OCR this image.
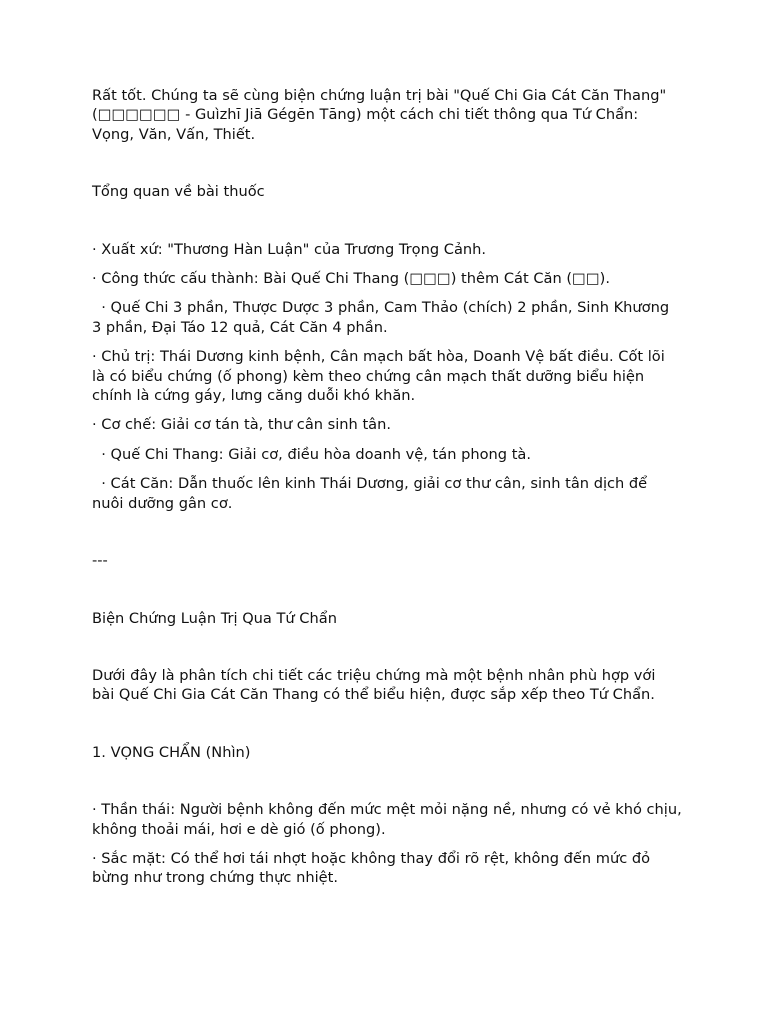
Rất tốt. Chúng ta sẽ cùng biện chứng luận trị bài "Quế Chi Gia Cát Căn Thang" (□□□□□□ - Guìzhī Jiā Gégēn Tāng) một cách chi tiết thông qua Tứ Chẩn: Vọng, Văn, Vấn, Thiết.

Tổng quan về bài thuốc

· Xuất xứ: "Thương Hàn Luận" của Trương Trọng Cảnh.

· Công thức cấu thành: Bài Quế Chi Thang (□□□) thêm Cát Căn (□□).

· Quế Chi 3 phần, Thược Dược 3 phần, Cam Thảo (chích) 2 phần, Sinh Khương 3 phần, Đại Táo 12 quả, Cát Căn 4 phần.

· Chủ trị: Thái Dương kinh bệnh, Cân mạch bất hòa, Doanh Vệ bất điều. Cốt lõi là có biểu chứng (ố phong) kèm theo chứng cân mạch thất dưỡng biểu hiện chính là cứng gáy, lưng căng duỗi khó khăn.

· Cơ chế: Giải cơ tán tà, thư cân sinh tân.

· Quế Chi Thang: Giải cơ, điều hòa doanh vệ, tán phong tà.

· Cát Căn: Dẫn thuốc lên kinh Thái Dương, giải cơ thư cân, sinh tân dịch để nuôi dưỡng gân cơ.

---

Biện Chứng Luận Trị Qua Tứ Chẩn

Dưới đây là phân tích chi tiết các triệu chứng mà một bệnh nhân phù hợp với bài Quế Chi Gia Cát Căn Thang có thể biểu hiện, được sắp xếp theo Tứ Chẩn.

1. VỌNG CHẨN (Nhìn)

· Thần thái: Người bệnh không đến mức mệt mỏi nặng nề, nhưng có vẻ khó chịu, không thoải mái, hơi e dè gió (ố phong).

· Sắc mặt: Có thể hơi tái nhợt hoặc không thay đổi rõ rệt, không đến mức đỏ bừng như trong chứng thực nhiệt.
